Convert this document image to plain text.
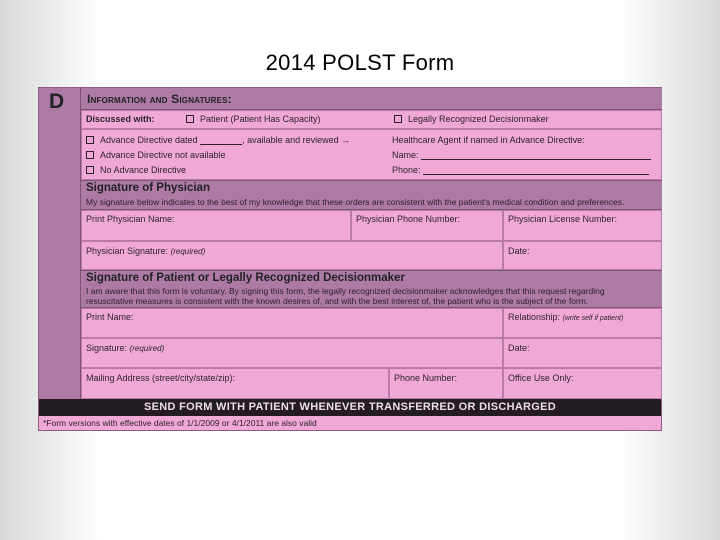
2014 POLST Form
D Information and Signatures:
Discussed with:	Patient (Patient Has Capacity)	Legally Recognized Decisionmaker
Advance Directive dated	, available and reviewed →
Advance Directive not available
No Advance Directive
Healthcare Agent if named in Advance Directive:
Name:
Phone:
Signature of Physician
My signature below indicates to the best of my knowledge that these orders are consistent with the patient's medical condition and preferences.
Print Physician Name:	Physician Phone Number:	Physician License Number:
Physician Signature: (required)	Date:
Signature of Patient or Legally Recognized Decisionmaker
I am aware that this form is voluntary. By signing this form, the legally recognized decisionmaker acknowledges that this request regarding
resuscitative measures is consistent with the known desires of, and with the best interest of, the patient who is the subject of the form.
Print Name:	Relationship: (write self if patient)
Signature: (required)	Date:
Mailing Address (street/city/state/zip):	Phone Number:	Office Use Only:
SEND FORM WITH PATIENT WHENEVER TRANSFERRED OR DISCHARGED
*Form versions with effective dates of 1/1/2009 or 4/1/2011 are also valid
